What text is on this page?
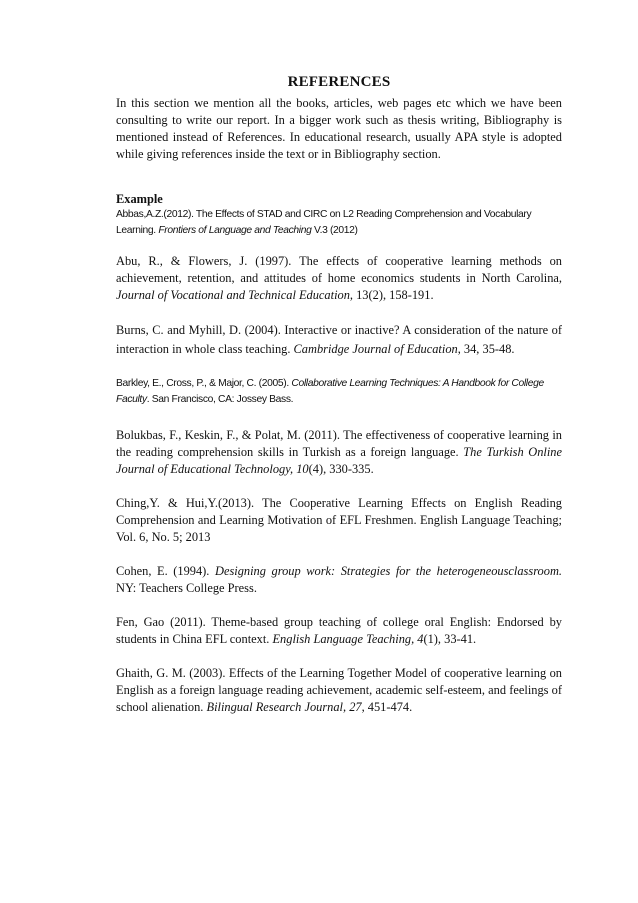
REFERENCES

In this section we mention all the books, articles, web pages etc which we have been consulting to write our report. In a bigger work such as thesis writing, Bibliography is mentioned instead of References. In educational research, usually APA style is adopted while giving references inside the text or in Bibliography section.

Example

Abbas,A.Z.(2012). The Effects of STAD and CIRC on L2 Reading Comprehension and Vocabulary Learning. Frontiers of Language and Teaching V.3 (2012)

Abu, R., & Flowers, J. (1997). The effects of cooperative learning methods on achievement, retention, and attitudes of home economics students in North Carolina, Journal of Vocational and Technical Education, 13(2), 158-191.

Burns, C. and Myhill, D. (2004). Interactive or inactive? A consideration of the nature of interaction in whole class teaching. Cambridge Journal of Education, 34, 35-48.

Barkley, E., Cross, P., & Major, C. (2005). Collaborative Learning Techniques: A Handbook for College Faculty. San Francisco, CA: Jossey Bass.

Bolukbas, F., Keskin, F., & Polat, M. (2011). The effectiveness of cooperative learning in the reading comprehension skills in Turkish as a foreign language. The Turkish Online Journal of Educational Technology, 10(4), 330-335.

Ching,Y. & Hui,Y.(2013). The Cooperative Learning Effects on English Reading Comprehension and Learning Motivation of EFL Freshmen. English Language Teaching; Vol. 6, No. 5; 2013

Cohen, E. (1994). Designing group work: Strategies for the heterogeneousclassroom. NY: Teachers College Press.

Fen, Gao (2011). Theme-based group teaching of college oral English: Endorsed by students in China EFL context. English Language Teaching, 4(1), 33-41.

Ghaith, G. M. (2003). Effects of the Learning Together Model of cooperative learning on English as a foreign language reading achievement, academic self-esteem, and feelings of school alienation. Bilingual Research Journal, 27, 451-474.
